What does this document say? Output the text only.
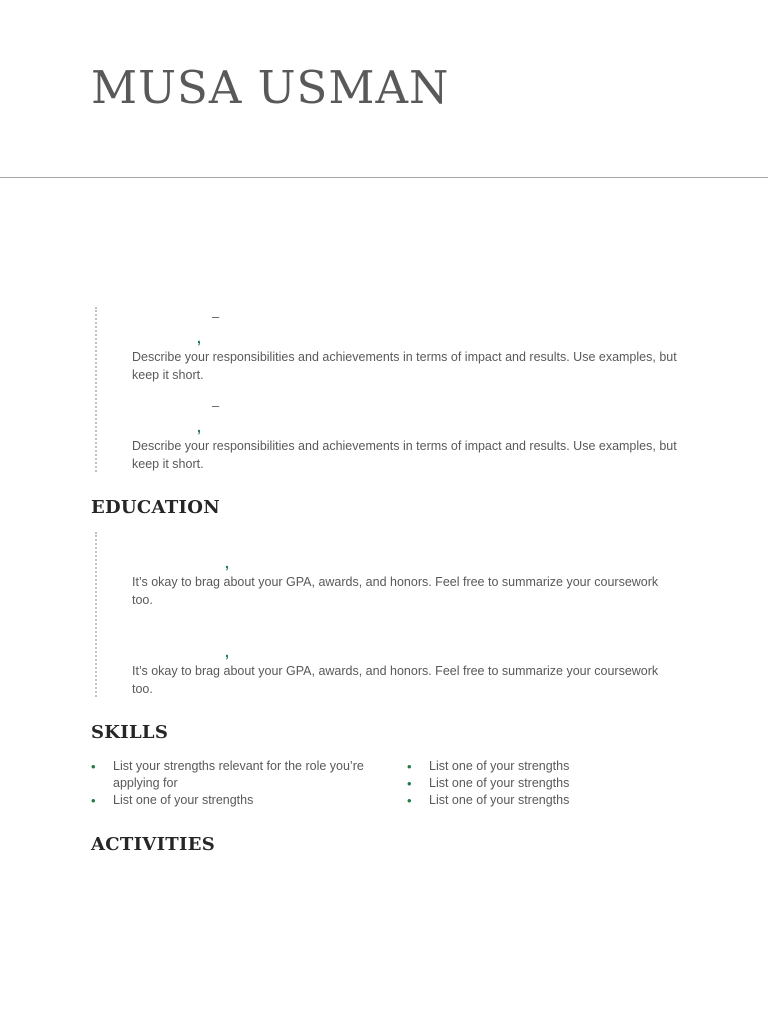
MUSA USMAN
–
,

Describe your responsibilities and achievements in terms of impact and results. Use examples, but keep it short.

–
,

Describe your responsibilities and achievements in terms of impact and results. Use examples, but keep it short.

EDUCATION
,

It’s okay to brag about your GPA, awards, and honors. Feel free to summarize your coursework too.

,

It’s okay to brag about your GPA, awards, and honors. Feel free to summarize your coursework too.

SKILLS
• List your strengths relevant for the role you’re applying for
• List one of your strengths
• List one of your strengths
• List one of your strengths
• List one of your strengths
ACTIVITIES
